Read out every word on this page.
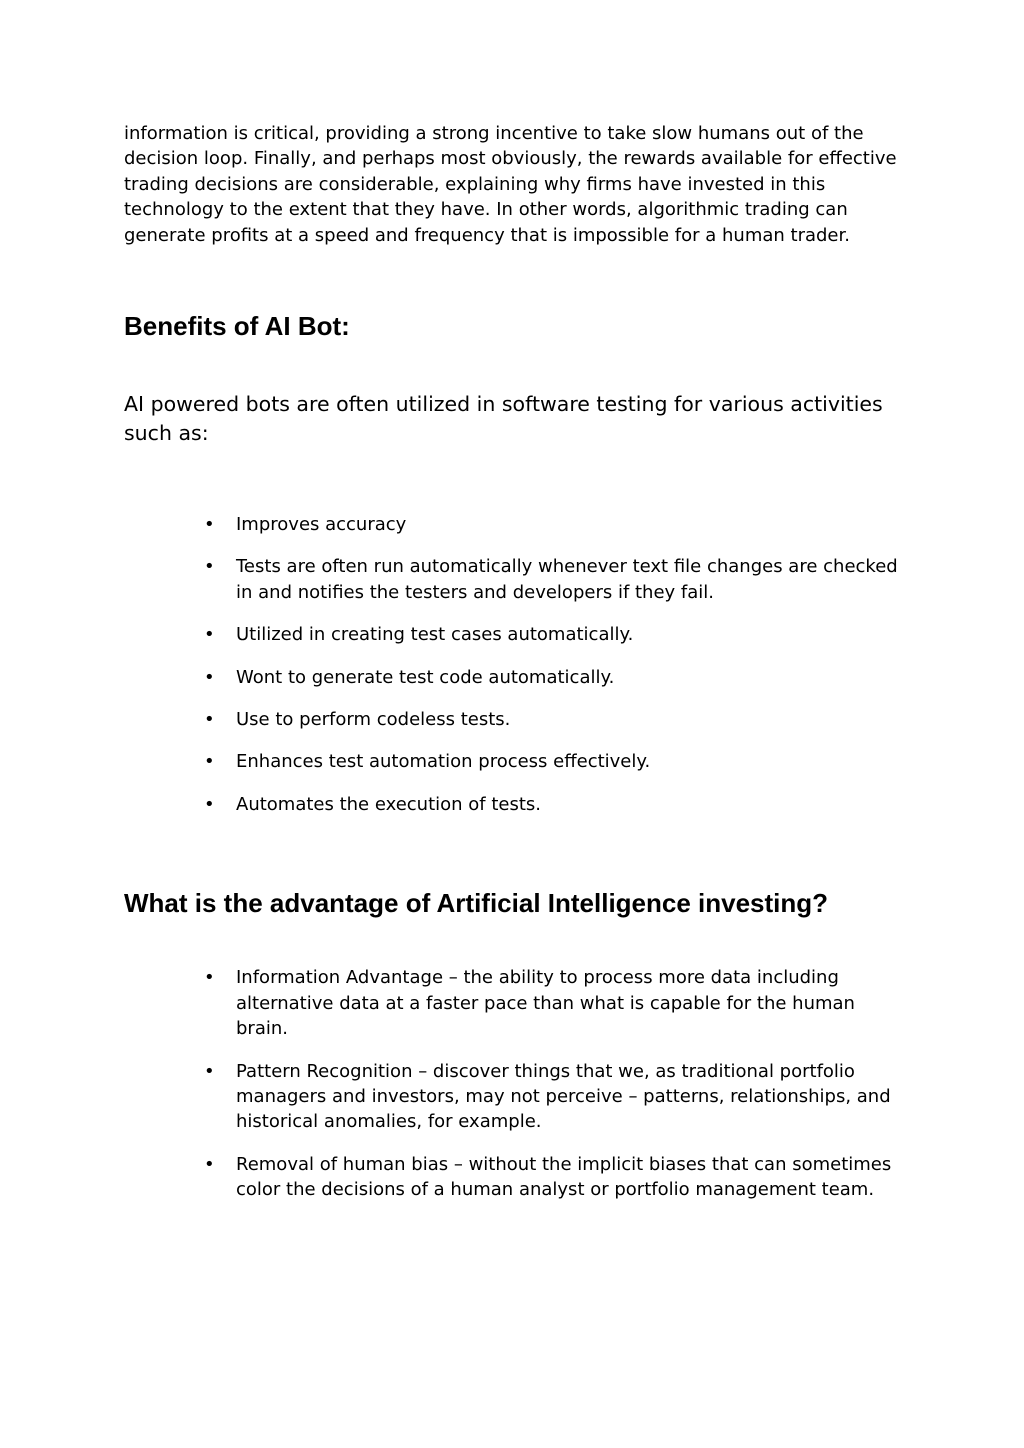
information is critical, providing a strong incentive to take slow humans out of the decision loop. Finally, and perhaps most obviously, the rewards available for effective trading decisions are considerable, explaining why firms have invested in this technology to the extent that they have. In other words, algorithmic trading can generate profits at a speed and frequency that is impossible for a human trader.

Benefits of AI Bot:

AI powered bots are often utilized in software testing for various activities such as:

• Improves accuracy
• Tests are often run automatically whenever text file changes are checked in and notifies the testers and developers if they fail.
• Utilized in creating test cases automatically.
• Wont to generate test code automatically.
• Use to perform codeless tests.
• Enhances test automation process effectively.
• Automates the execution of tests.
What is the advantage of Artificial Intelligence investing?
• Information Advantage – the ability to process more data including alternative data at a faster pace than what is capable for the human brain.
• Pattern Recognition – discover things that we, as traditional portfolio managers and investors, may not perceive – patterns, relationships, and historical anomalies, for example.
• Removal of human bias – without the implicit biases that can sometimes color the decisions of a human analyst or portfolio management team.
